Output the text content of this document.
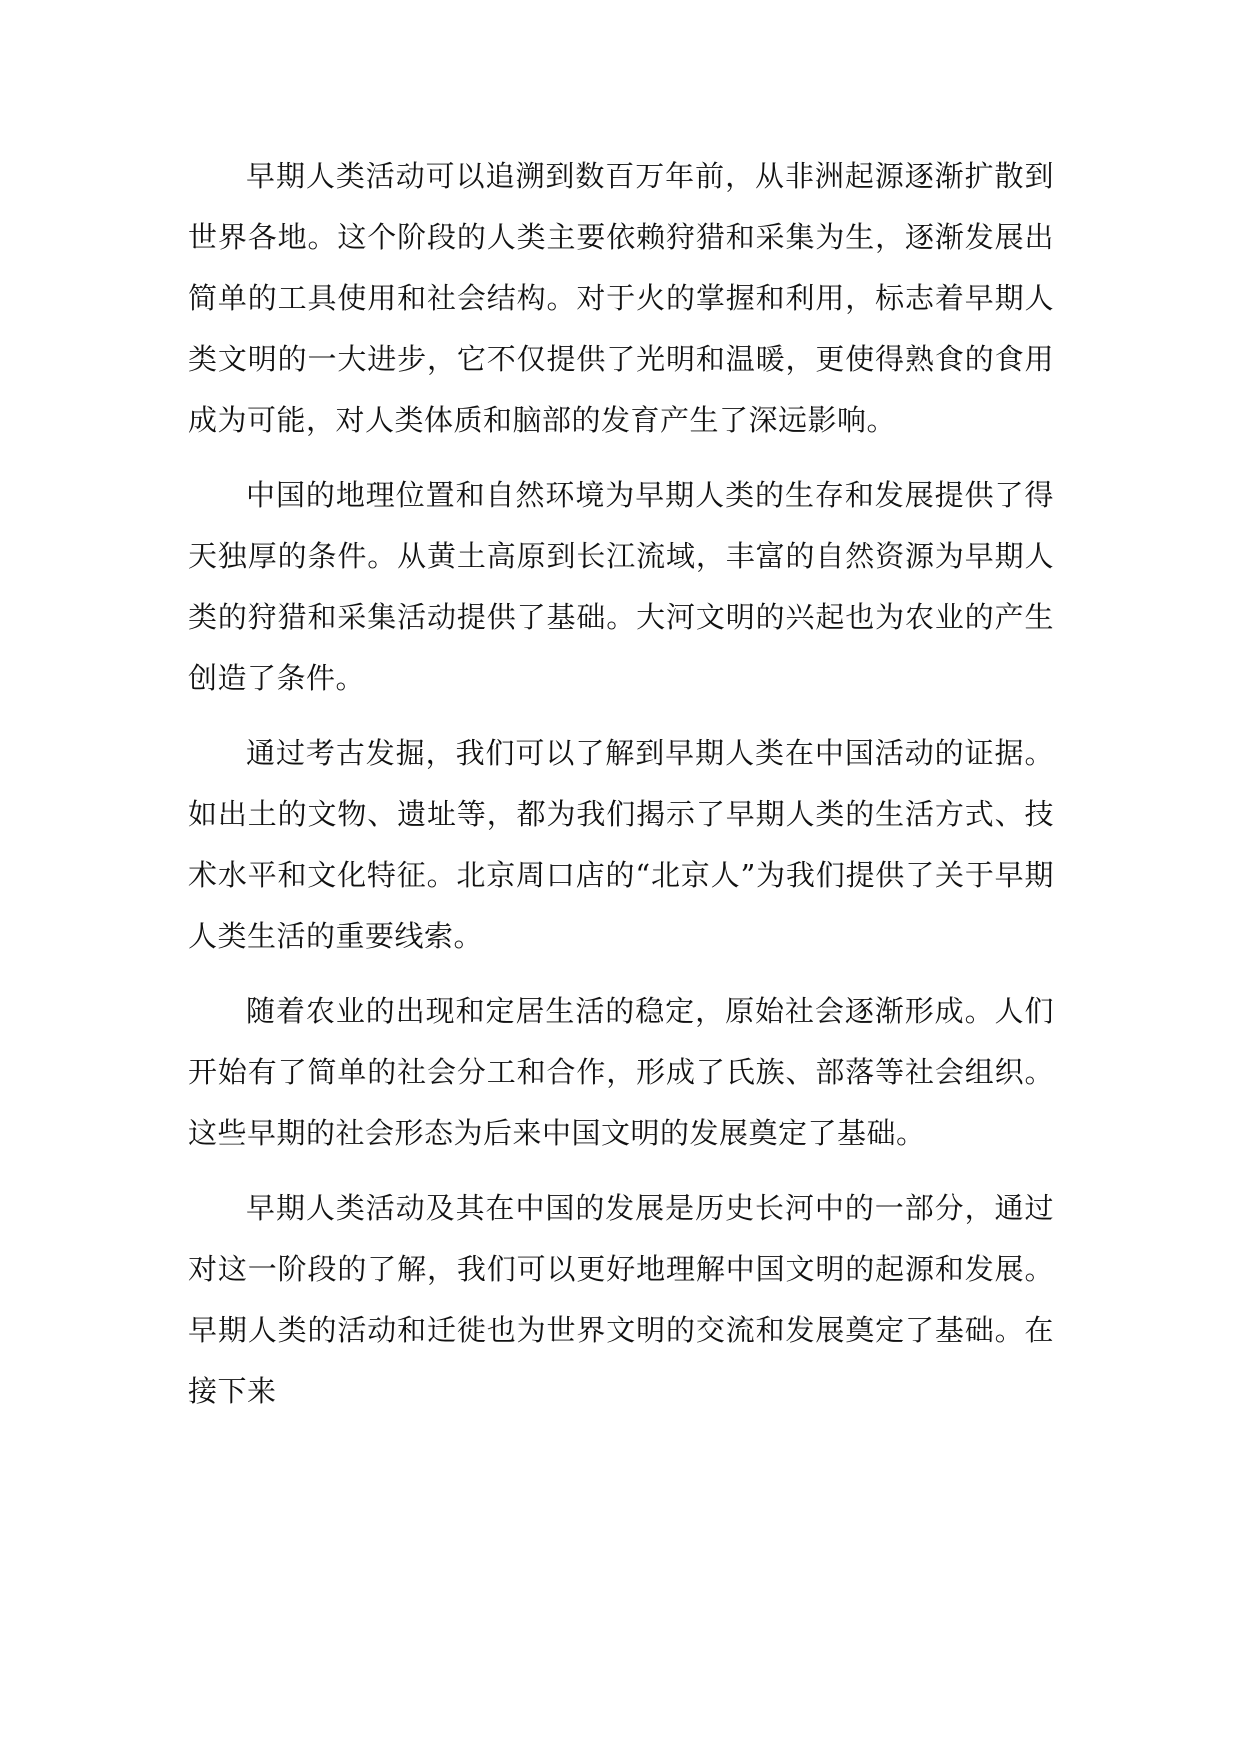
早期人类活动可以追溯到数百万年前，从非洲起源逐渐扩散到世界各地。这个阶段的人类主要依赖狩猎和采集为生，逐渐发展出简单的工具使用和社会结构。对于火的掌握和利用，标志着早期人类文明的一大进步，它不仅提供了光明和温暖，更使得熟食的食用成为可能，对人类体质和脑部的发育产生了深远影响。

中国的地理位置和自然环境为早期人类的生存和发展提供了得天独厚的条件。从黄土高原到长江流域，丰富的自然资源为早期人类的狩猎和采集活动提供了基础。大河文明的兴起也为农业的产生创造了条件。

通过考古发掘，我们可以了解到早期人类在中国活动的证据。如出土的文物、遗址等，都为我们揭示了早期人类的生活方式、技术水平和文化特征。北京周口店的“北京人”为我们提供了关于早期人类生活的重要线索。

随着农业的出现和定居生活的稳定，原始社会逐渐形成。人们开始有了简单的社会分工和合作，形成了氏族、部落等社会组织。这些早期的社会形态为后来中国文明的发展奠定了基础。

早期人类活动及其在中国的发展是历史长河中的一部分，通过对这一阶段的了解，我们可以更好地理解中国文明的起源和发展。早期人类的活动和迁徙也为世界文明的交流和发展奠定了基础。在接下来
